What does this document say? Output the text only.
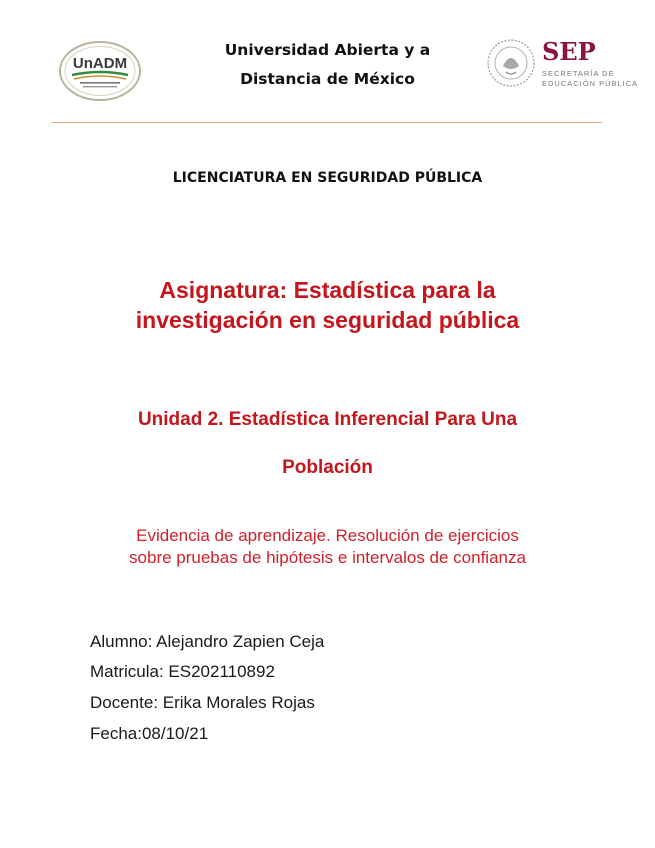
UnADM
Universidad Abierta y a
Distancia de México
SEP
SECRETARÍA DE
EDUCACIÓN PÚBLICA
LICENCIATURA EN SEGURIDAD PÚBLICA
Asignatura: Estadística para la
investigación en seguridad pública
Unidad 2. Estadística Inferencial Para Una
Población
Evidencia de aprendizaje. Resolución de ejercicios
sobre pruebas de hipótesis e intervalos de confianza
Alumno: Alejandro Zapien Ceja
Matricula: ES202110892
Docente: Erika Morales Rojas
Fecha:08/10/21
